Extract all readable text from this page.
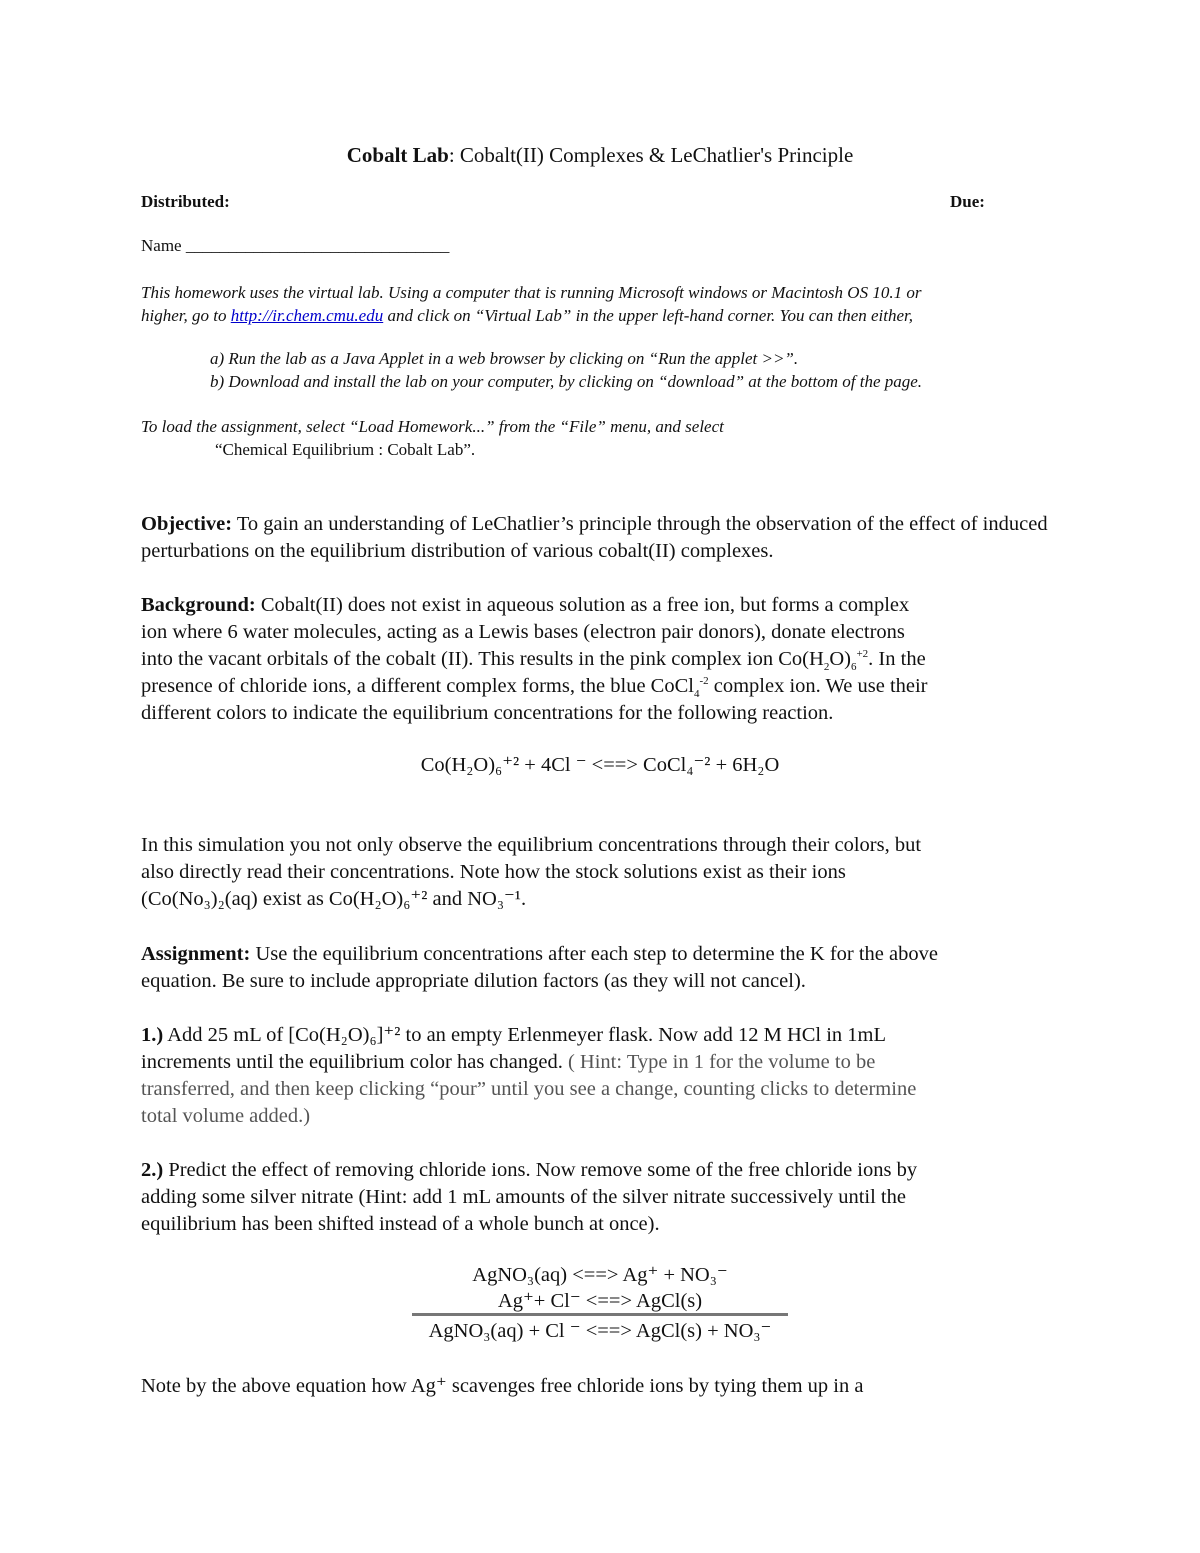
Cobalt Lab: Cobalt(II) Complexes & LeChatlier's Principle
Distributed:	Due:
Name _______________________________
This homework uses the virtual lab. Using a computer that is running Microsoft windows or Macintosh OS 10.1 or
higher, go to http://ir.chem.cmu.edu and click on “Virtual Lab” in the upper left-hand corner. You can then either,
a) Run the lab as a Java Applet in a web browser by clicking on “Run the applet >>”.
b) Download and install the lab on your computer, by clicking on “download” at the bottom of the page.
To load the assignment, select “Load Homework...” from the “File” menu, and select
“Chemical Equilibrium : Cobalt Lab”.
Objective: To gain an understanding of LeChatlier’s principle through the observation of the effect of induced perturbations on the equilibrium distribution of various cobalt(II) complexes.
Background: Cobalt(II) does not exist in aqueous solution as a free ion, but forms a complex
ion where 6 water molecules, acting as a Lewis bases (electron pair donors), donate electrons
into the vacant orbitals of the cobalt (II). This results in the pink complex ion $Co(H_2O)_6^{+2}$. In the
presence of chloride ions, a different complex forms, the blue CoCl$_4^{-2}$ complex ion. We use their
different colors to indicate the equilibrium concentrations for the following reaction.
Co(H₂O)₆⁺² + 4Cl ⁻ <==> CoCl₄⁻² + 6H₂O
In this simulation you not only observe the equilibrium concentrations through their colors, but
also directly read their concentrations. Note how the stock solutions exist as their ions
(Co(No₃)₂(aq) exist as Co(H₂O)₆⁺² and NO₃⁻¹.
Assignment: Use the equilibrium concentrations after each step to determine the K for the above
equation. Be sure to include appropriate dilution factors (as they will not cancel).
1.) Add 25 mL of [Co(H₂O)₆]⁺² to an empty Erlenmeyer flask. Now add 12 M HCl in 1mL
increments until the equilibrium color has changed. ( Hint: Type in 1 for the volume to be
transferred, and then keep clicking “pour” until you see a change, counting clicks to determine
total volume added.)
2.) Predict the effect of removing chloride ions. Now remove some of the free chloride ions by
adding some silver nitrate (Hint: add 1 mL amounts of the silver nitrate successively until the
equilibrium has been shifted instead of a whole bunch at once).
AgNO₃(aq) <==> Ag⁺ + NO₃⁻
Ag⁺+ Cl⁻ <==> AgCl(s)
AgNO₃(aq) + Cl ⁻ <==> AgCl(s) + NO₃⁻
Note by the above equation how Ag⁺ scavenges free chloride ions by tying them up in a
